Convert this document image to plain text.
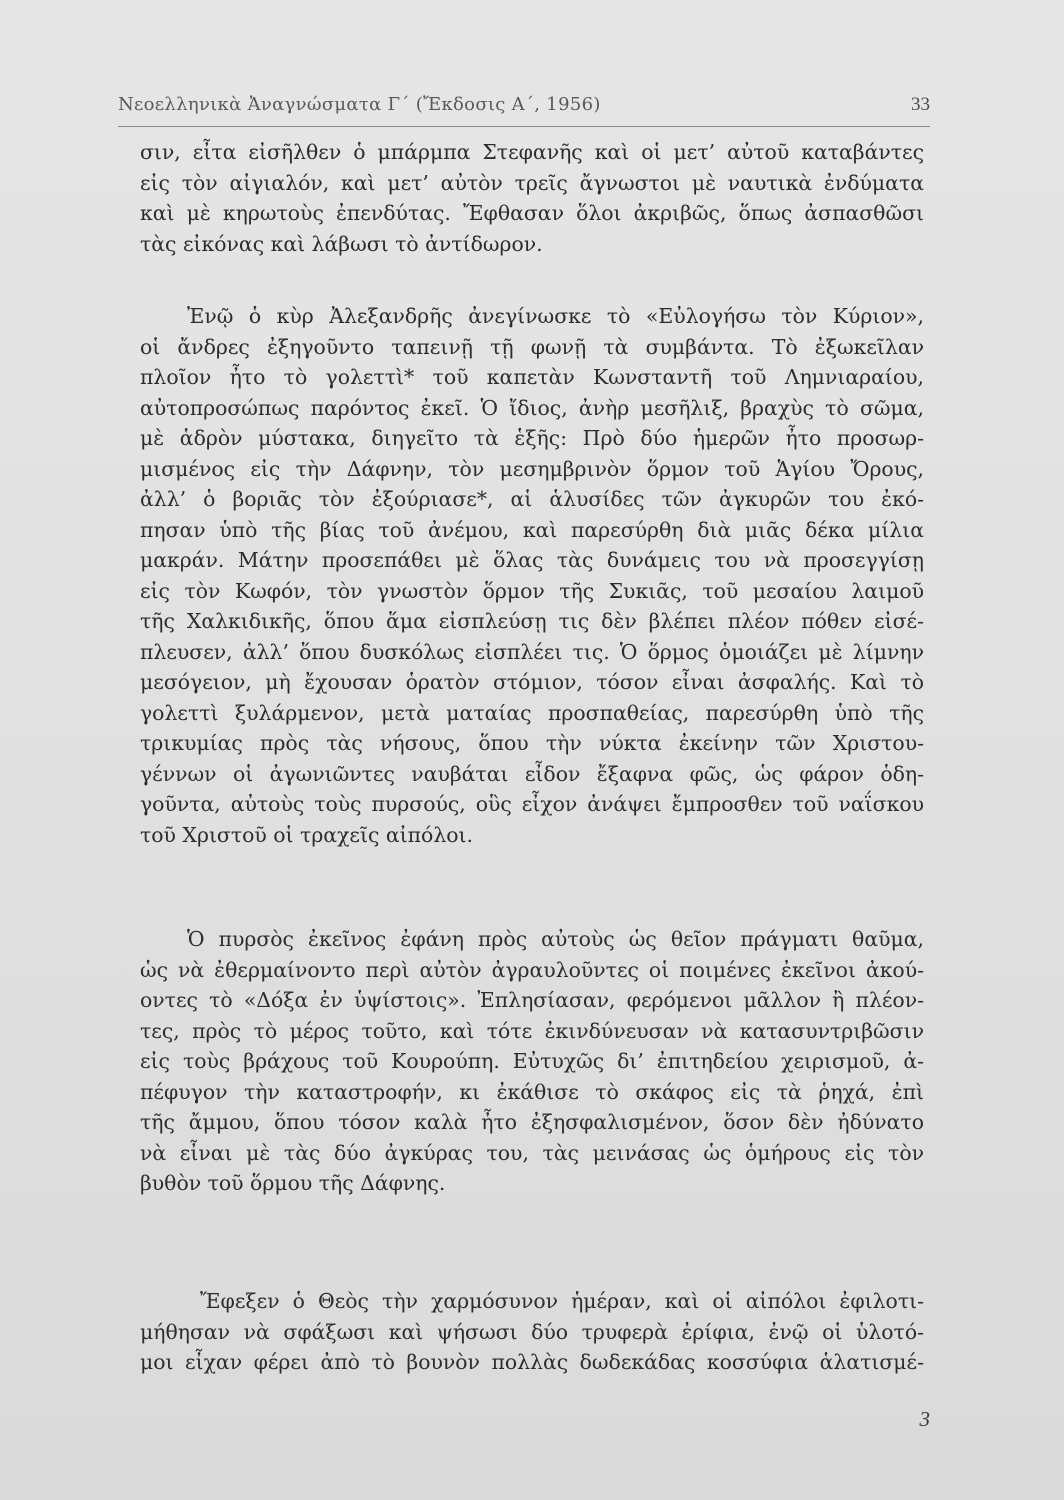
Νεοελληνικὰ Ἀναγνώσματα Γ΄ (Ἔκδοσις Α΄, 1956)	33
σιν, εἶτα εἰσῆλθεν ὁ μπάρμπα Στεφανῆς καὶ οἱ μετ’ αὐτοῦ καταβάντες
εἰς τὸν αἰγιαλόν, καὶ μετ’ αὐτὸν τρεῖς ἄγνωστοι μὲ ναυτικὰ ἐνδύματα
καὶ μὲ κηρωτοὺς ἐπενδύτας. Ἔφθασαν ὅλοι ἀκριβῶς, ὅπως ἀσπασθῶσι
τὰς εἰκόνας καὶ λάβωσι τὸ ἀντίδωρον.
Ἐνῷ ὁ κὺρ Ἀλεξανδρῆς ἀνεγίνωσκε τὸ «Εὐλογήσω τὸν Κύριον»,
οἱ ἄνδρες ἐξηγοῦντο ταπεινῇ τῇ φωνῇ τὰ συμβάντα. Τὸ ἐξωκεῖλαν
πλοῖον ἦτο τὸ γολεττὶ* τοῦ καπετὰν Κωνσταντῆ τοῦ Λημνιαραίου,
αὐτοπροσώπως παρόντος ἐκεῖ. Ὁ ἴδιος, ἀνὴρ μεσῆλιξ, βραχὺς τὸ σῶμα,
μὲ ἁδρὸν μύστακα, διηγεῖτο τὰ ἑξῆς: Πρὸ δύο ἡμερῶν ἦτο προσωρ-
μισμένος εἰς τὴν Δάφνην, τὸν μεσημβρινὸν ὅρμον τοῦ Ἁγίου Ὄρους,
ἀλλ’ ὁ βοριᾶς τὸν ἐξούριασε*, αἱ ἁλυσίδες τῶν ἀγκυρῶν του ἐκό-
πησαν ὑπὸ τῆς βίας τοῦ ἀνέμου, καὶ παρεσύρθη διὰ μιᾶς δέκα μίλια
μακράν. Μάτην προσεπάθει μὲ ὅλας τὰς δυνάμεις του νὰ προσεγγίσῃ
εἰς τὸν Κωφόν, τὸν γνωστὸν ὅρμον τῆς Συκιᾶς, τοῦ μεσαίου λαιμοῦ
τῆς Χαλκιδικῆς, ὅπου ἅμα εἰσπλεύσῃ τις δὲν βλέπει πλέον πόθεν εἰσέ-
πλευσεν, ἀλλ’ ὅπου δυσκόλως εἰσπλέει τις. Ὁ ὅρμος ὁμοιάζει μὲ λίμνην
μεσόγειον, μὴ ἔχουσαν ὁρατὸν στόμιον, τόσον εἶναι ἀσφαλής. Καὶ τὸ
γολεττὶ ξυλάρμενον, μετὰ ματαίας προσπαθείας, παρεσύρθη ὑπὸ τῆς
τρικυμίας πρὸς τὰς νήσους, ὅπου τὴν νύκτα ἐκείνην τῶν Χριστου-
γέννων οἱ ἀγωνιῶντες ναυβάται εἶδον ἔξαφνα φῶς, ὡς φάρον ὁδη-
γοῦντα, αὐτοὺς τοὺς πυρσούς, οὓς εἶχον ἀνάψει ἔμπροσθεν τοῦ ναΐσκου
τοῦ Χριστοῦ οἱ τραχεῖς αἰπόλοι.
Ὁ πυρσὸς ἐκεῖνος ἐφάνη πρὸς αὐτοὺς ὡς θεῖον πράγματι θαῦμα,
ὡς νὰ ἐθερμαίνοντο περὶ αὐτὸν ἀγραυλοῦντες οἱ ποιμένες ἐκεῖνοι ἀκού-
οντες τὸ «Δόξα ἐν ὑψίστοις». Ἐπλησίασαν, φερόμενοι μᾶλλον ἢ πλέον-
τες, πρὸς τὸ μέρος τοῦτο, καὶ τότε ἐκινδύνευσαν νὰ κατασυντριβῶσιν
εἰς τοὺς βράχους τοῦ Κουρούπη. Εὐτυχῶς δι’ ἐπιτηδείου χειρισμοῦ, ἀ-
πέφυγον τὴν καταστροφήν, κι ἐκάθισε τὸ σκάφος εἰς τὰ ῥηχά, ἐπὶ
τῆς ἄμμου, ὅπου τόσον καλὰ ἦτο ἐξησφαλισμένον, ὅσον δὲν ἠδύνατο
νὰ εἶναι μὲ τὰς δύο ἀγκύρας του, τὰς μεινάσας ὡς ὁμήρους εἰς τὸν
βυθὸν τοῦ ὅρμου τῆς Δάφνης.
Ἔφεξεν ὁ Θεὸς τὴν χαρμόσυνον ἡμέραν, καὶ οἱ αἰπόλοι ἐφιλοτι-
μήθησαν νὰ σφάξωσι καὶ ψήσωσι δύο τρυφερὰ ἐρίφια, ἐνῷ οἱ ὑλοτό-
μοι εἶχαν φέρει ἀπὸ τὸ βουνὸν πολλὰς δωδεκάδας κοσσύφια ἁλατισμέ-
3
